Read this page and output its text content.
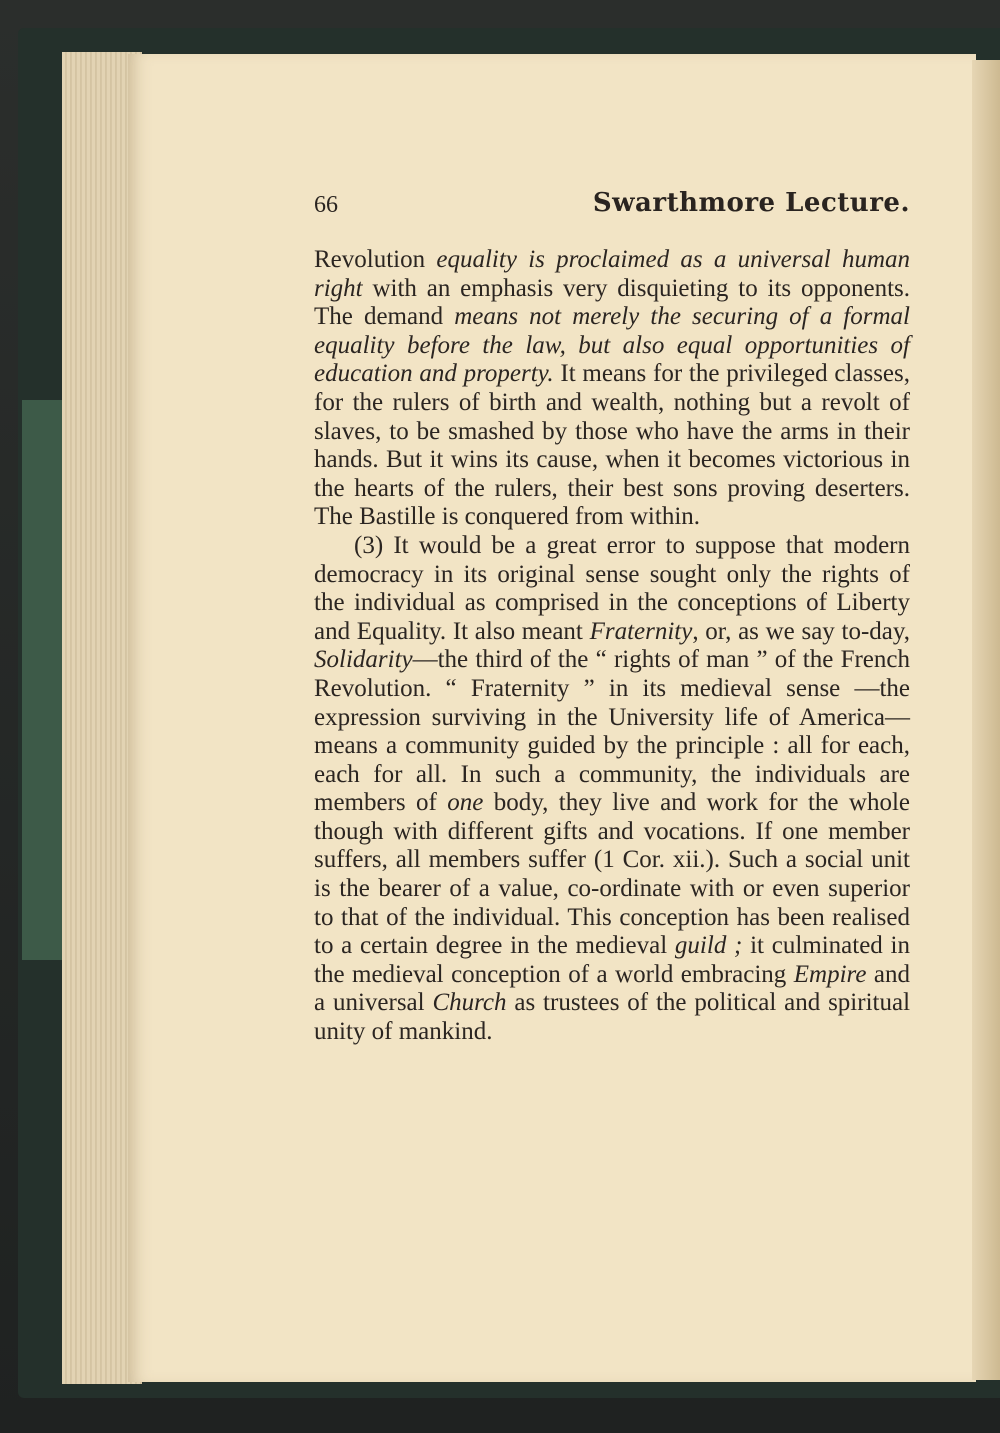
66	Swarthmore Lecture.

Revolution equality is proclaimed as a universal human right with an emphasis very disquieting to its opponents. The demand means not merely the securing of a formal equality before the law, but also equal opportunities of education and property. It means for the privileged classes, for the rulers of birth and wealth, nothing but a revolt of slaves, to be smashed by those who have the arms in their hands. But it wins its cause, when it becomes victorious in the hearts of the rulers, their best sons proving deserters. The Bastille is conquered from within.

(3) It would be a great error to suppose that modern democracy in its original sense sought only the rights of the individual as comprised in the conceptions of Liberty and Equality. It also meant Fraternity, or, as we say to-day, Solidarity—the third of the “ rights of man ” of the French Revolution. “ Fraternity ” in its medieval sense —the expression surviving in the University life of America—means a community guided by the principle : all for each, each for all. In such a community, the individuals are members of one body, they live and work for the whole though with different gifts and vocations. If one member suffers, all members suffer (1 Cor. xii.). Such a social unit is the bearer of a value, co-ordinate with or even superior to that of the individual. This conception has been realised to a certain degree in the medieval guild ; it culminated in the medieval conception of a world embracing Empire and a universal Church as trustees of the political and spiritual unity of mankind.
